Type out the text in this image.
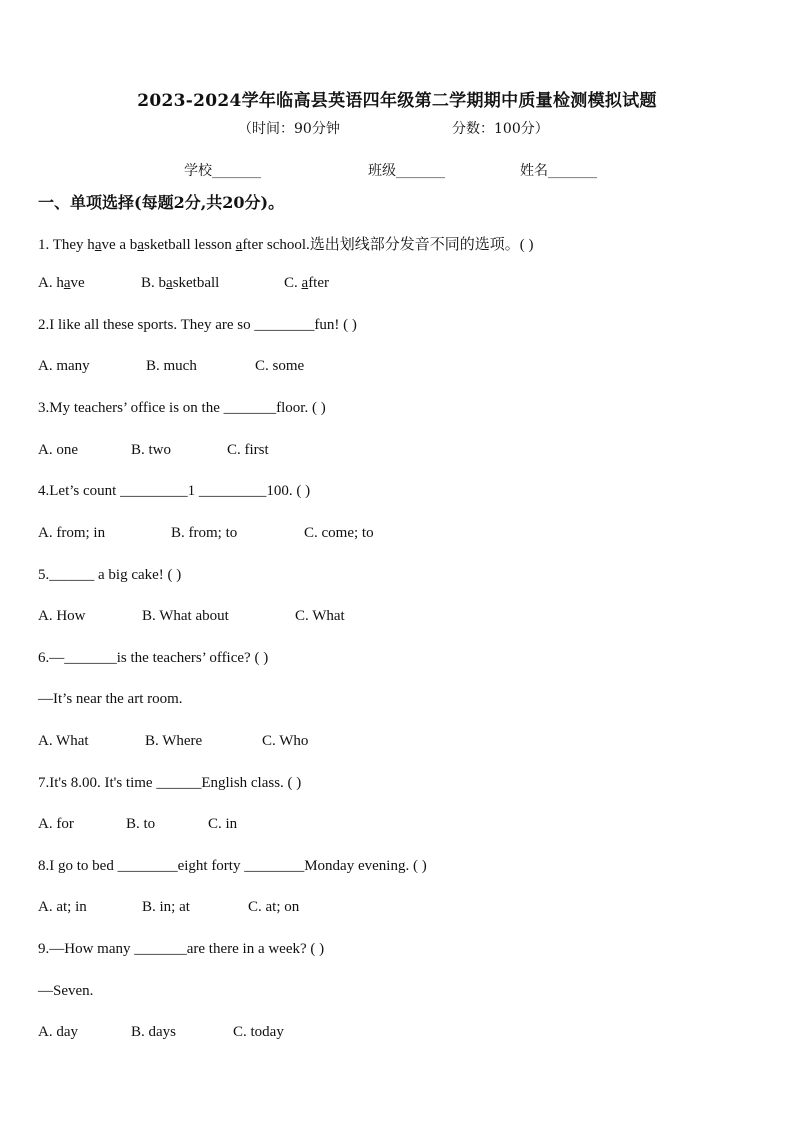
2023-2024学年临高县英语四年级第二学期期中质量检测模拟试题
（时间：90分钟	分数：100分）
学校_______	班级_______	姓名_______
一、单项选择(每题2分,共20分)。
1. They have a basketball lesson after school.选出划线部分发音不同的选项。( )
A. have	B. basketball	C. after
2.I like all these sports. They are so ________fun! ( )
A. many	B. much	C. some
3.My teachers’ office is on the _______floor. ( )
A. one	B. two	C. first
4.Let’s count _________1 _________100. ( )
A. from; in	B. from; to	C. come; to
5.______ a big cake! ( )
A. How	B. What about	C. What
6.—_______is the teachers’ office? ( )
—It’s near the art room.
A. What	B. Where	C. Who
7.It's 8.00. It's time ______English class. ( )
A. for	B. to	C. in
8.I go to bed ________eight forty ________Monday evening. ( )
A. at; in	B. in; at	C. at; on
9.—How many _______are there in a week? ( )
—Seven.
A. day	B. days	C. today
